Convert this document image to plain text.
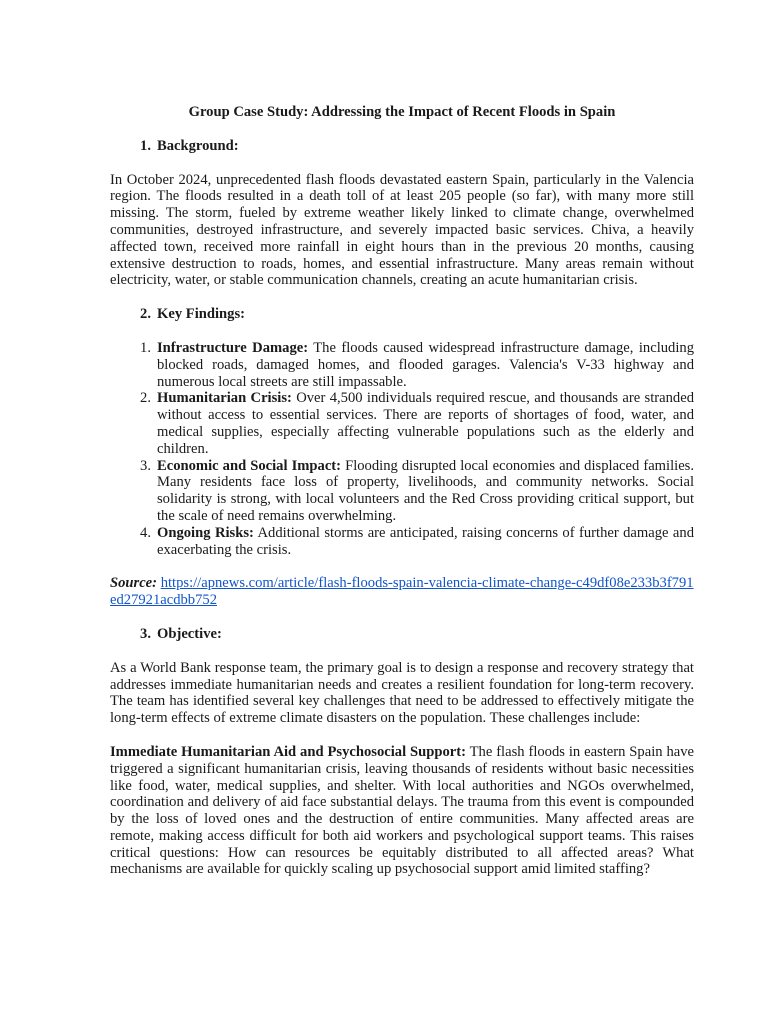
Group Case Study: Addressing the Impact of Recent Floods in Spain
1. Background:

In October 2024, unprecedented flash floods devastated eastern Spain, particularly in the Valencia region. The floods resulted in a death toll of at least 205 people (so far), with many more still missing. The storm, fueled by extreme weather likely linked to climate change, overwhelmed communities, destroyed infrastructure, and severely impacted basic services. Chiva, a heavily affected town, received more rainfall in eight hours than in the previous 20 months, causing extensive destruction to roads, homes, and essential infrastructure. Many areas remain without electricity, water, or stable communication channels, creating an acute humanitarian crisis.

2. Key Findings:
1. Infrastructure Damage: The floods caused widespread infrastructure damage, including blocked roads, damaged homes, and flooded garages. Valencia's V-33 highway and numerous local streets are still impassable.
2. Humanitarian Crisis: Over 4,500 individuals required rescue, and thousands are stranded without access to essential services. There are reports of shortages of food, water, and medical supplies, especially affecting vulnerable populations such as the elderly and children.
3. Economic and Social Impact: Flooding disrupted local economies and displaced families. Many residents face loss of property, livelihoods, and community networks. Social solidarity is strong, with local volunteers and the Red Cross providing critical support, but the scale of need remains overwhelming.
4. Ongoing Risks: Additional storms are anticipated, raising concerns of further damage and exacerbating the crisis.

Source: https://apnews.com/article/flash-floods-spain-valencia-climate-change-c49df08e233b3f791ed27921acdbb752

3. Objective:

As a World Bank response team, the primary goal is to design a response and recovery strategy that addresses immediate humanitarian needs and creates a resilient foundation for long-term recovery. The team has identified several key challenges that need to be addressed to effectively mitigate the long-term effects of extreme climate disasters on the population. These challenges include:

Immediate Humanitarian Aid and Psychosocial Support: The flash floods in eastern Spain have triggered a significant humanitarian crisis, leaving thousands of residents without basic necessities like food, water, medical supplies, and shelter. With local authorities and NGOs overwhelmed, coordination and delivery of aid face substantial delays. The trauma from this event is compounded by the loss of loved ones and the destruction of entire communities. Many affected areas are remote, making access difficult for both aid workers and psychological support teams. This raises critical questions: How can resources be equitably distributed to all affected areas? What mechanisms are available for quickly scaling up psychosocial support amid limited staffing?
